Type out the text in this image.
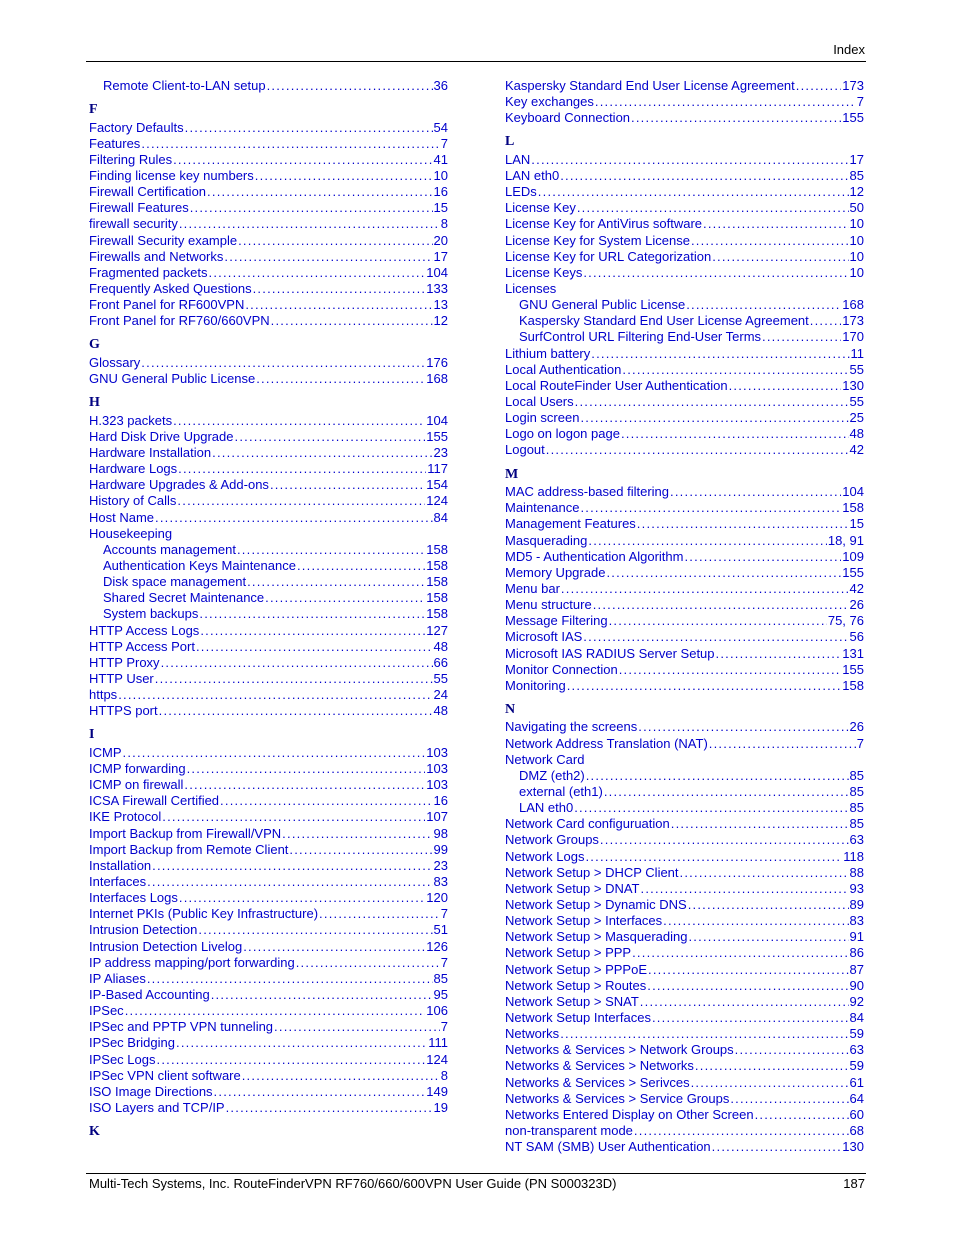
Index
Remote Client-to-LAN setup . . .	36
F
Factory Defaults . . .	54
Features . . .	7
Filtering Rules . . .	41
Finding license key numbers . . .	10
Firewall Certification . . .	16
Firewall Features . . .	15
firewall security . . .	8
Firewall Security example . . .	20
Firewalls and Networks . . .	17
Fragmented packets . . .	104
Frequently Asked Questions . . .	133
Front Panel for RF600VPN . . .	13
Front Panel for RF760/660VPN . . .	12
G
Glossary . . .	176
GNU General Public License . . .	168
H
H.323 packets . . .	104
Hard Disk Drive Upgrade . . .	155
Hardware Installation . . .	23
Hardware Logs . . .	117
Hardware Upgrades & Add-ons . . .	154
History of Calls . . .	124
Host Name . . .	84
Housekeeping
Accounts management . . .	158
Authentication Keys Maintenance . . .	158
Disk space management . . .	158
Shared Secret Maintenance . . .	158
System backups . . .	158
HTTP Access Logs . . .	127
HTTP Access Port . . .	48
HTTP Proxy . . .	66
HTTP User . . .	55
https . . .	24
HTTPS port . . .	48
I
ICMP . . .	103
ICMP forwarding . . .	103
ICMP on firewall . . .	103
ICSA Firewall Certified . . .	16
IKE Protocol . . .	107
Import Backup from Firewall/VPN . . .	98
Import Backup from Remote Client . . .	99
Installation . . .	23
Interfaces . . .	83
Interfaces Logs . . .	120
Internet PKIs (Public Key Infrastructure) . . .	7
Intrusion Detection . . .	51
Intrusion Detection Livelog . . .	126
IP address mapping/port forwarding . . .	7
IP Aliases . . .	85
IP-Based Accounting . . .	95
IPSec . . .	106
IPSec and PPTP VPN tunneling . . .	7
IPSec Bridging . . .	111
IPSec Logs . . .	124
IPSec VPN client software . . .	8
ISO Image Directions . . .	149
ISO Layers and TCP/IP . . .	19
K
Kaspersky Standard End User License Agreement . . .	173
Key exchanges . . .	7
Keyboard Connection . . .	155
L
LAN . . .	17
LAN eth0 . . .	85
LEDs . . .	12
License Key . . .	50
License Key for AntiVirus software . . .	10
License Key for System License . . .	10
License Key for URL Categorization . . .	10
License Keys . . .	10
Licenses
GNU General Public License . . .	168
Kaspersky Standard End User License Agreement . . .	173
SurfControl URL Filtering End-User Terms . . .	170
Lithium battery . . .	11
Local Authentication . . .	55
Local RouteFinder User Authentication . . .	130
Local Users . . .	55
Login screen . . .	25
Logo on logon page . . .	48
Logout . . .	42
M
MAC address-based filtering . . .	104
Maintenance . . .	158
Management Features . . .	15
Masquerading . . .	18, 91
MD5 - Authentication Algorithm . . .	109
Memory Upgrade . . .	155
Menu bar . . .	42
Menu structure . . .	26
Message Filtering . . .	75, 76
Microsoft IAS . . .	56
Microsoft IAS RADIUS Server Setup . . .	131
Monitor Connection . . .	155
Monitoring . . .	158
N
Navigating the screens . . .	26
Network Address Translation (NAT) . . .	7
Network Card
DMZ (eth2) . . .	85
external (eth1) . . .	85
LAN eth0 . . .	85
Network Card configuruation . . .	85
Network Groups . . .	63
Network Logs . . .	118
Network Setup > DHCP Client . . .	88
Network Setup > DNAT . . .	93
Network Setup > Dynamic DNS . . .	89
Network Setup > Interfaces . . .	83
Network Setup > Masquerading . . .	91
Network Setup > PPP . . .	86
Network Setup > PPPoE . . .	87
Network Setup > Routes . . .	90
Network Setup > SNAT . . .	92
Network Setup Interfaces . . .	84
Networks . . .	59
Networks & Services > Network Groups . . .	63
Networks & Services > Networks . . .	59
Networks & Services > Serivces . . .	61
Networks & Services > Service Groups . . .	64
Networks Entered Display on Other Screen . . .	60
non-transparent mode . . .	68
NT SAM (SMB) User Authentication . . .	130
Multi-Tech Systems, Inc. RouteFinderVPN RF760/660/600VPN User Guide (PN S000323D)	187
